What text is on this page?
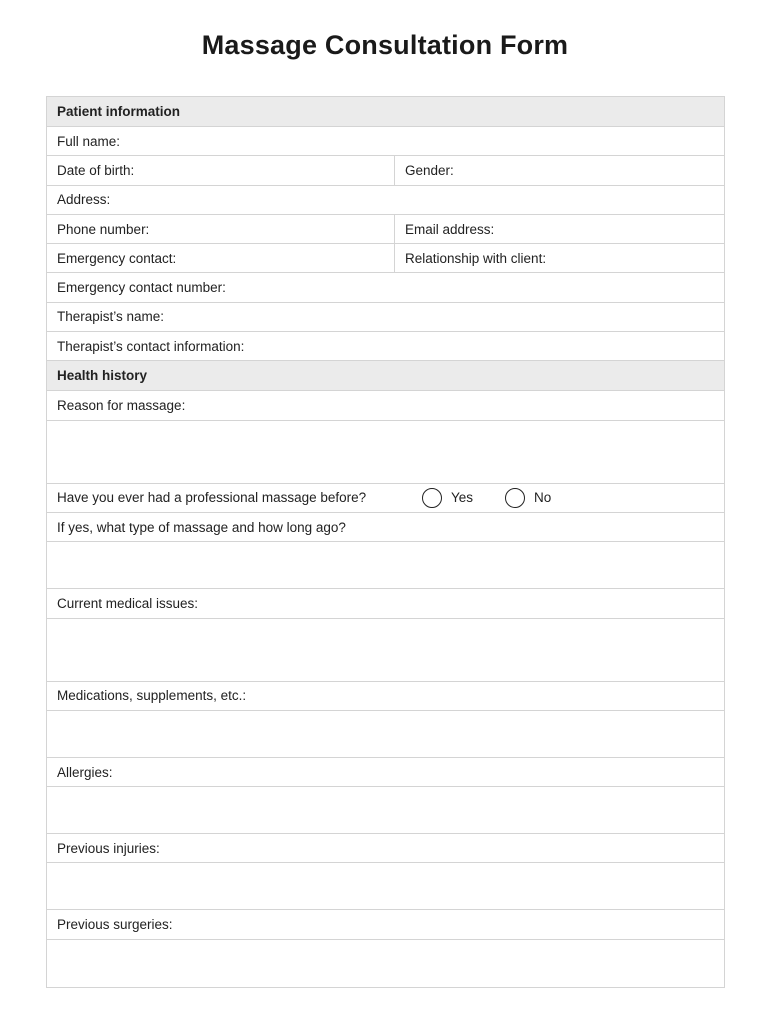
Massage Consultation Form
Patient information
Full name:
Date of birth:	Gender:
Address:
Phone number:	Email address:
Emergency contact:	Relationship with client:
Emergency contact number:
Therapist’s name:
Therapist’s contact information:
Health history
Reason for massage:
Have you ever had a professional massage before?	Yes	No
If yes, what type of massage and how long ago?
Current medical issues:
Medications, supplements, etc.:
Allergies:
Previous injuries:
Previous surgeries:
